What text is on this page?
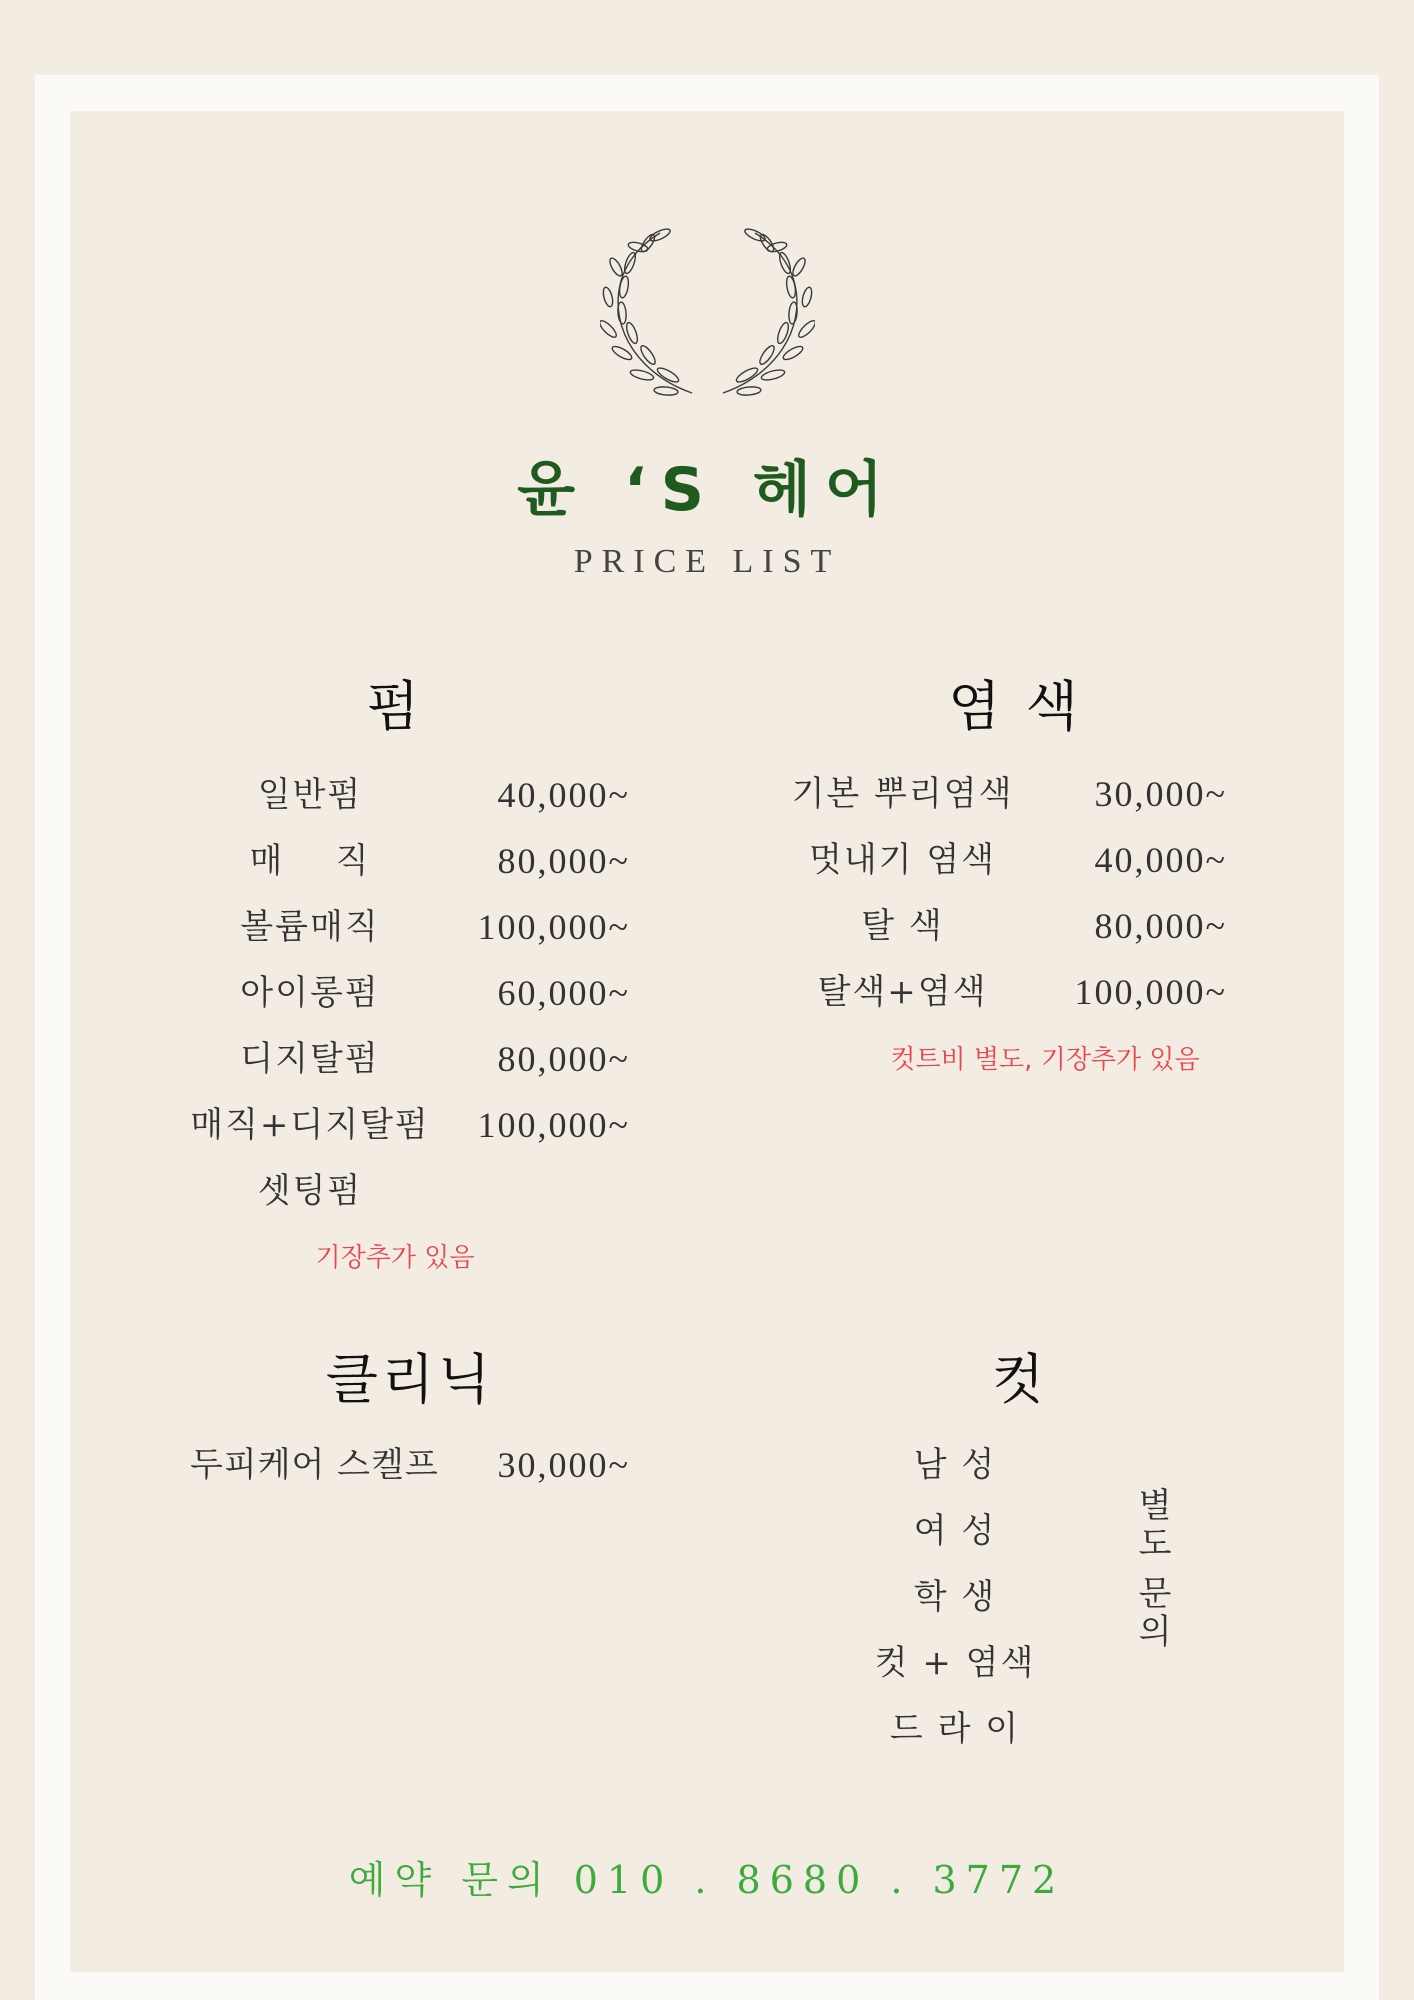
윤 ‘S 헤어
PRICE LIST
펌
일반펌	40,000~
매    직	80,000~
볼륨매직	100,000~
아이롱펌	60,000~
디지탈펌	80,000~
매직+디지탈펌	100,000~
셋팅펌
기장추가 있음
염 색
기본 뿌리염색	30,000~
멋내기 염색	40,000~
탈 색	80,000~
탈색+염색	100,000~
컷트비 별도, 기장추가 있음
클리닉
두피케어 스켈프	30,000~
컷
남 성
여 성
학 생
컷 + 염색
드 라 이
별
도
문
의
예약 문의 010 . 8680 . 3772
